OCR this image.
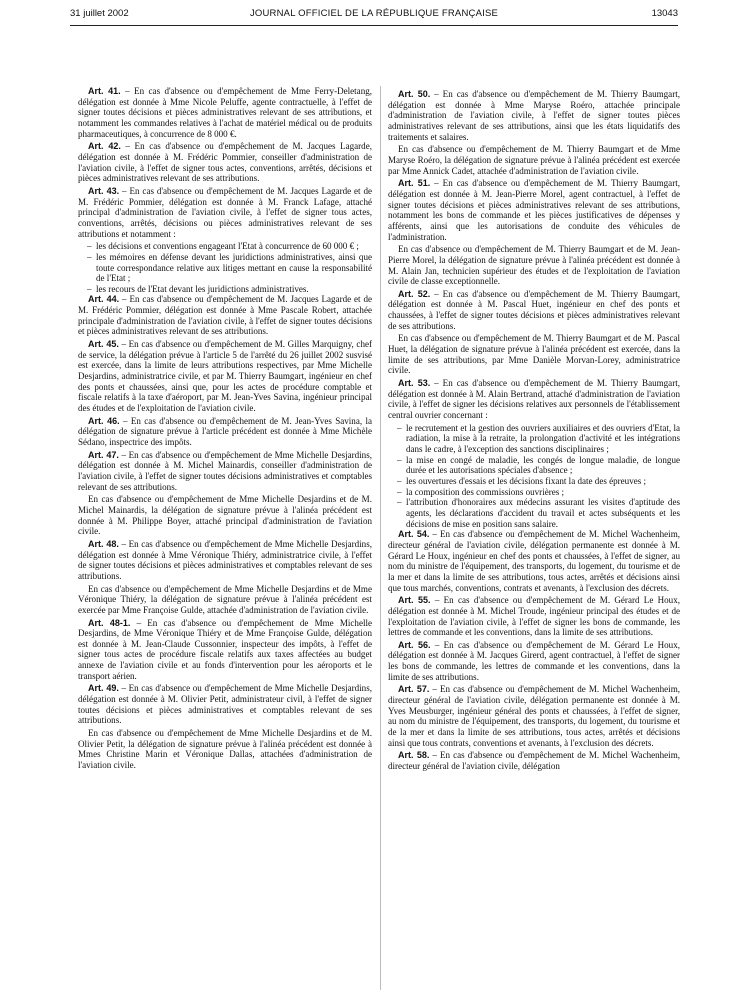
31 juillet 2002	JOURNAL OFFICIEL DE LA RÉPUBLIQUE FRANÇAISE	13043

Art. 41. – En cas d'absence ou d'empêchement de Mme Ferry-Deletang, délégation est donnée à Mme Nicole Peluffe, agente contractuelle, à l'effet de signer toutes décisions et pièces administratives relevant de ses attributions, et notamment les commandes relatives à l'achat de matériel médical ou de produits pharmaceutiques, à concurrence de 8 000 €.

Art. 42. – En cas d'absence ou d'empêchement de M. Jacques Lagarde, délégation est donnée à M. Frédéric Pommier, conseiller d'administration de l'aviation civile, à l'effet de signer tous actes, conventions, arrêtés, décisions et pièces administratives relevant de ses attributions.

Art. 43. – En cas d'absence ou d'empêchement de M. Jacques Lagarde et de M. Frédéric Pommier, délégation est donnée à M. Franck Lafage, attaché principal d'administration de l'aviation civile, à l'effet de signer tous actes, conventions, arrêtés, décisions ou pièces administratives relevant de ses attributions et notamment :

– les décisions et conventions engageant l'Etat à concurrence de 60 000 € ;
– les mémoires en défense devant les juridictions administratives, ainsi que toute correspondance relative aux litiges mettant en cause la responsabilité de l'Etat ;
– les recours de l'Etat devant les juridictions administratives.

Art. 44. – En cas d'absence ou d'empêchement de M. Jacques Lagarde et de M. Frédéric Pommier, délégation est donnée à Mme Pascale Robert, attachée principale d'administration de l'aviation civile, à l'effet de signer toutes décisions et pièces administratives relevant de ses attributions.

Art. 45. – En cas d'absence ou d'empêchement de M. Gilles Marquigny, chef de service, la délégation prévue à l'article 5 de l'arrêté du 26 juillet 2002 susvisé est exercée, dans la limite de leurs attributions respectives, par Mme Michelle Desjardins, administratrice civile, et par M. Thierry Baumgart, ingénieur en chef des ponts et chaussées, ainsi que, pour les actes de procédure comptable et fiscale relatifs à la taxe d'aéroport, par M. Jean-Yves Savina, ingénieur principal des études et de l'exploitation de l'aviation civile.

Art. 46. – En cas d'absence ou d'empêchement de M. Jean-Yves Savina, la délégation de signature prévue à l'article précédent est donnée à Mme Michèle Sédano, inspectrice des impôts.

Art. 47. – En cas d'absence ou d'empêchement de Mme Michelle Desjardins, délégation est donnée à M. Michel Mainardis, conseiller d'administration de l'aviation civile, à l'effet de signer toutes décisions administratives et comptables relevant de ses attributions.

En cas d'absence ou d'empêchement de Mme Michelle Desjardins et de M. Michel Mainardis, la délégation de signature prévue à l'alinéa précédent est donnée à M. Philippe Boyer, attaché principal d'administration de l'aviation civile.

Art. 48. – En cas d'absence ou d'empêchement de Mme Michelle Desjardins, délégation est donnée à Mme Véronique Thiéry, administratrice civile, à l'effet de signer toutes décisions et pièces administratives et comptables relevant de ses attributions.

En cas d'absence ou d'empêchement de Mme Michelle Desjardins et de Mme Véronique Thiéry, la délégation de signature prévue à l'alinéa précédent est exercée par Mme Françoise Gulde, attachée d'administration de l'aviation civile.

Art. 48-1. – En cas d'absence ou d'empêchement de Mme Michelle Desjardins, de Mme Véronique Thiéry et de Mme Françoise Gulde, délégation est donnée à M. Jean-Claude Cussonnier, inspecteur des impôts, à l'effet de signer tous actes de procédure fiscale relatifs aux taxes affectées au budget annexe de l'aviation civile et au fonds d'intervention pour les aéroports et le transport aérien.

Art. 49. – En cas d'absence ou d'empêchement de Mme Michelle Desjardins, délégation est donnée à M. Olivier Petit, administrateur civil, à l'effet de signer toutes décisions et pièces administratives et comptables relevant de ses attributions.

En cas d'absence ou d'empêchement de Mme Michelle Desjardins et de M. Olivier Petit, la délégation de signature prévue à l'alinéa précédent est donnée à Mmes Christine Marin et Véronique Dallas, attachées d'administration de l'aviation civile.

Art. 50. – En cas d'absence ou d'empêchement de M. Thierry Baumgart, délégation est donnée à Mme Maryse Roéro, attachée principale d'administration de l'aviation civile, à l'effet de signer toutes pièces administratives relevant de ses attributions, ainsi que les états liquidatifs des traitements et salaires.

En cas d'absence ou d'empêchement de M. Thierry Baumgart et de Mme Maryse Roéro, la délégation de signature prévue à l'alinéa précédent est exercée par Mme Annick Cadet, attachée d'administration de l'aviation civile.

Art. 51. – En cas d'absence ou d'empêchement de M. Thierry Baumgart, délégation est donnée à M. Jean-Pierre Morel, agent contractuel, à l'effet de signer toutes décisions et pièces administratives relevant de ses attributions, notamment les bons de commande et les pièces justificatives de dépenses y afférents, ainsi que les autorisations de conduite des véhicules de l'administration.

En cas d'absence ou d'empêchement de M. Thierry Baumgart et de M. Jean-Pierre Morel, la délégation de signature prévue à l'alinéa précédent est donnée à M. Alain Jan, technicien supérieur des études et de l'exploitation de l'aviation civile de classe exceptionnelle.

Art. 52. – En cas d'absence ou d'empêchement de M. Thierry Baumgart, délégation est donnée à M. Pascal Huet, ingénieur en chef des ponts et chaussées, à l'effet de signer toutes décisions et pièces administratives relevant de ses attributions.

En cas d'absence ou d'empêchement de M. Thierry Baumgart et de M. Pascal Huet, la délégation de signature prévue à l'alinéa précédent est exercée, dans la limite de ses attributions, par Mme Danièle Morvan-Lorey, administratrice civile.

Art. 53. – En cas d'absence ou d'empêchement de M. Thierry Baumgart, délégation est donnée à M. Alain Bertrand, attaché d'administration de l'aviation civile, à l'effet de signer les décisions relatives aux personnels de l'établissement central ouvrier concernant :

– le recrutement et la gestion des ouvriers auxiliaires et des ouvriers d'Etat, la radiation, la mise à la retraite, la prolongation d'activité et les intégrations dans le cadre, à l'exception des sanctions disciplinaires ;
– la mise en congé de maladie, les congés de longue maladie, de longue durée et les autorisations spéciales d'absence ;
– les ouvertures d'essais et les décisions fixant la date des épreuves ;
– la composition des commissions ouvrières ;
– l'attribution d'honoraires aux médecins assurant les visites d'aptitude des agents, les déclarations d'accident du travail et actes subséquents et les décisions de mise en position sans salaire.

Art. 54. – En cas d'absence ou d'empêchement de M. Michel Wachenheim, directeur général de l'aviation civile, délégation permanente est donnée à M. Gérard Le Houx, ingénieur en chef des ponts et chaussées, à l'effet de signer, au nom du ministre de l'équipement, des transports, du logement, du tourisme et de la mer et dans la limite de ses attributions, tous actes, arrêtés et décisions ainsi que tous marchés, conventions, contrats et avenants, à l'exclusion des décrets.

Art. 55. – En cas d'absence ou d'empêchement de M. Gérard Le Houx, délégation est donnée à M. Michel Troude, ingénieur principal des études et de l'exploitation de l'aviation civile, à l'effet de signer les bons de commande, les lettres de commande et les conventions, dans la limite de ses attributions.

Art. 56. – En cas d'absence ou d'empêchement de M. Gérard Le Houx, délégation est donnée à M. Jacques Girerd, agent contractuel, à l'effet de signer les bons de commande, les lettres de commande et les conventions, dans la limite de ses attributions.

Art. 57. – En cas d'absence ou d'empêchement de M. Michel Wachenheim, directeur général de l'aviation civile, délégation permanente est donnée à M. Yves Meusburger, ingénieur général des ponts et chaussées, à l'effet de signer, au nom du ministre de l'équipement, des transports, du logement, du tourisme et de la mer et dans la limite de ses attributions, tous actes, arrêtés et décisions ainsi que tous contrats, conventions et avenants, à l'exclusion des décrets.

Art. 58. – En cas d'absence ou d'empêchement de M. Michel Wachenheim, directeur général de l'aviation civile, délégation
